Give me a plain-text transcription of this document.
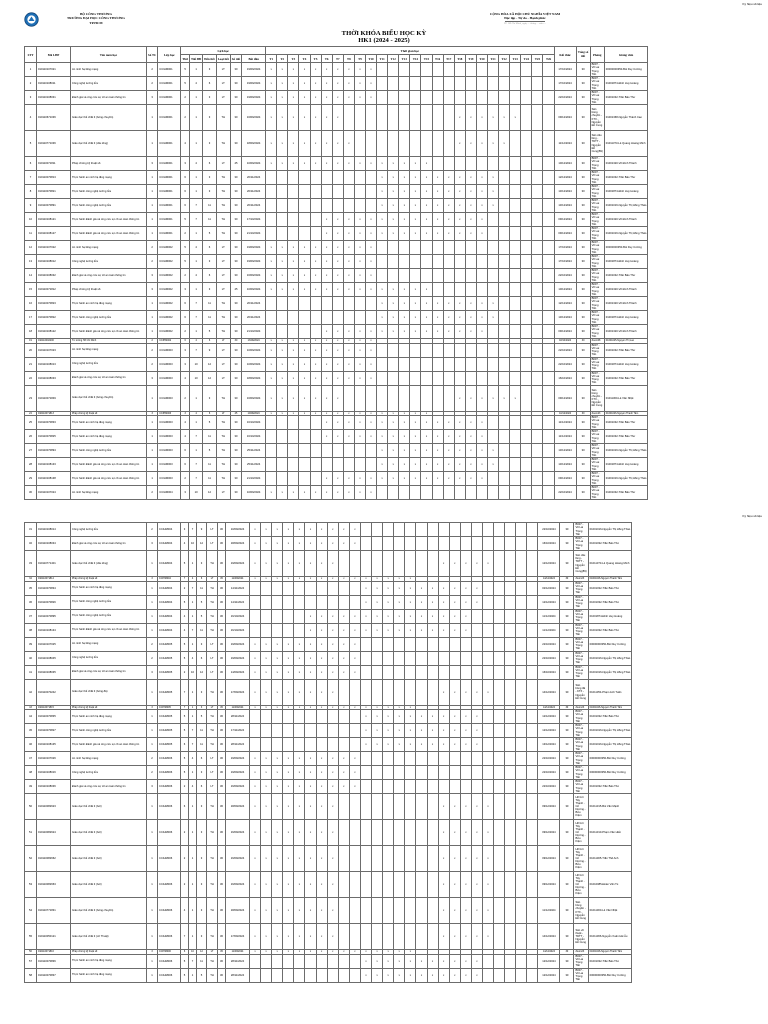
Ký hiệu số liệu
BỘ CÔNG THƯƠNG
TRƯỜNG ĐẠI HỌC CÔNG THƯƠNG
TP.HCM
CỘNG HÒA XÃ HỘI CHỦ NGHĨA VIỆT NAM
Độc lập - Tự do - Hạnh phúc
TP. Hồ Chí Minh, ngày ... tháng ... năm ...
THỜI KHÓA BIỂU HỌC KỲ
HK1 (2024 - 2025)
STT	Mã LHP	Tên môn học	Số TC	Lớp học	Lịch học						Thời gian học																										Kết thúc	Tổng số tiết	Phòng	Giảng viên
					Thứ	Tiết BĐ	Đến tiết	Loại tiết	Số tiết	Bắt đầu	T1	T2	T3	T4	T5	T6	T7	T8	T9	T10	T11	T12	T13	T14	T15	T16	T17	T18	T19	T20	T21	T22	T23	T24	T25	T26				
1	010110107021	An ninh hạ tầng mạng	2	CCIHM001	5	1	3	LT	30	19/09/2024	x	x	x	x	x	x	x	x	x	x																	17/10/2024	30	B007 - Võ Lai Trọng Tấn	00000000350-Bùi Duy Cường
2	010110108011	Công nghệ tường lửa	2	CCIHM001	5	4	6	LT	30	19/09/2024	x	x	x	x	x	x	x	x	x	x																	17/10/2024	30	B007 - Võ Lai Trọng Tấn	01001874-Đinh Huy Hoàng
3	010110108031	Đánh giá và ứng cứu sự cố an toàn thông tin	3	CCIHM001	2	1	3	LT	30	19/09/2024	x	x	x	x	x	x	x	x	x	x																	22/10/2024	30	B007 - Võ Lai Trọng Tấn	01001032-Trần Bảo Thư
4	010110671036	Giáo dục thể chất 3 (bóng chuyền)	1	CCIHM001	2	1	3	TH	30	16/09/2024	x	x	x	x	x	x	x											x	x	x	x	x	x				09/12/2024	30	Sân bóng chuyền - KTX - Nguyễn Đỗ Cung	01001368-Nguyễn Thành Cao
5	010110771036	Giáo dục thể chất 3 (cầu lông)	1	CCIHM001	4	1	3	TH	30	18/09/2024	x	x	x	x	x	x	x	x										x	x	x	x	x					11/12/2024	30	Sân cầu lông - TDTT - Nguyễn Đỗ Cung(89)	01011373-Lê Quang Hoàng Minh
6	010110071811	Pháp chứng kỹ thuật số	3	CCIHM001	3	4	6	LT	45	10/09/2024	x	x	x	x	x	x	x	x	x	x	x	x	x	x	x												10/12/2024	30	B007 - Võ Lai Trọng Tấn	01001320-Võ Đình Thành
7	010110070813	Thực hành an ninh hạ tầng mạng	1	CCIHM001	6	1	3	TH	30	20/11/2024											x	x	x	x	x	x	x	x	x	x	x						12/12/2024	30	B007 - Võ Lai Trọng Tấn	01001032-Trần Bảo Thư
8	010110070821	Thực hành công nghệ tường lửa	1	CCIHM001	6	1	3	TH	30	20/11/2024											x	x	x	x	x	x	x	x	x	x	x						13/12/2024	30	B007 - Võ Lai Trọng Tấn	01001874-Đinh Huy Hoàng
9	010110070891	Thực hành công nghệ tường lửa	1	CCIHM001	6	7	11	TH	30	20/11/2024											x	x	x	x	x	x	x	x	x	x	x						13/12/2024	30	B007 - Võ Lai Trọng Tấn	01001016-Nguyễn Thị Hồng Thảo
10	010110108121	Thực hành Đánh giá và ứng cứu sự cố an toàn thông tin	1	CCIHM001	5	7	11	TH	30	17/10/2024						x	x	x	x	x	x	x	x	x	x	x	x	x	x	x							09/12/2024	30	B007 - Võ Lai Trọng Tấn	01001320-Võ Đình Thành
11	010110108127	Thực hành Đánh giá và ứng cứu sự cố an toàn thông tin	1	CCIHM001	2	1	5	TH	30	21/10/2024						x	x	x	x	x	x	x	x	x	x	x	x	x	x	x							09/12/2024	30	B007 - Võ Lai Trọng Tấn	01001016-Nguyễn Thị Hồng Thảo
12	010110107022	An ninh hạ tầng mạng	2	CCIHM002	5	4	6	LT	30	19/09/2024	x	x	x	x	x	x	x	x	x	x																	17/10/2024	30	B007 - Võ Lai Trọng Tấn	00000000350-Bùi Duy Cường
13	010110108012	Công nghệ tường lửa	2	CCIHM002	5	1	3	LT	30	19/09/2024	x	x	x	x	x	x	x	x	x	x																	17/10/2024	30	B007 - Võ Lai Trọng Tấn	01001874-Đinh Huy Hoàng
14	010110108032	Đánh giá và ứng cứu sự cố an toàn thông tin	3	CCIHM002	2	4	6	LT	30	16/09/2024	x	x	x	x	x	x	x	x	x	x																	22/10/2024	30	B007 - Võ Lai Trọng Tấn	01001032-Trần Bảo Thư
15	010110071812	Pháp chứng kỹ thuật số	3	CCIHM002	3	1	3	LT	45	10/09/2024	x	x	x	x	x	x	x	x	x	x	x	x	x	x	x												10/12/2024	30	B007 - Võ Lai Trọng Tấn	01001320-Võ Đình Thành
16	010110070823	Thực hành an ninh hạ tầng mạng	1	CCIHM002	6	7	11	TH	30	20/11/2024											x	x	x	x	x	x	x	x	x	x	x						12/12/2024	30	B007 - Võ Lai Trọng Tấn	01001320-Võ Đình Thành
17	010110070822	Thực hành công nghệ tường lửa	1	CCIHM002	6	7	11	TH	30	20/11/2024											x	x	x	x	x	x	x	x	x	x	x						13/12/2024	30	B007 - Võ Lai Trọng Tấn	01001874-Đinh Huy Hoàng
18	010110108122	Thực hành Đánh giá và ứng cứu sự cố an toàn thông tin	1	CCIHM002	2	1	5	TH	30	21/10/2024						x	x	x	x	x	x	x	x	x	x	x	x	x	x	x							09/12/2024	30	B007 - Võ Lai Trọng Tấn	01001320-Võ Đình Thành
19	010110002200	Tư tưởng Hồ Chí Minh	2	CCIHM002	6	4	6	LT	30	13/09/2024	x	x	x	x	x	x	x	x	x	x																	18/10/2024	30	Zoom08	01001025-Nguyễn Thị Lan
20	010110107023	An ninh hạ tầng mạng	2	CCIHM003	3	7	9	LT	30	10/09/2024	x	x	x	x	x	x	x	x	x	x																	22/10/2024	30	B007 - Võ Lai Trọng Tấn	01001032-Trần Bảo Thư
21	010110108013	Công nghệ tường lửa	2	CCIHM003	3	10	12	LT	30	10/09/2024	x	x	x	x	x	x	x	x	x	x																	22/10/2024	30	B007 - Võ Lai Trọng Tấn	01001874-Đinh Huy Hoàng
22	010110108033	Đánh giá và ứng cứu sự cố an toàn thông tin	3	CCIHM003	4	10	12	LT	30	18/09/2024	x	x	x	x	x	x	x	x	x	x																	16/10/2024	30	B007 - Võ Lai Trọng Tấn	01001032-Trần Bảo Thư
23	010110071849	Giáo dục thể chất 3 (bóng chuyền)	1	CCIHM003	2	1	3	TH	30	16/09/2024	x	x	x	x	x	x	x											x	x	x	x	x	x				09/12/2024	30	Sân bóng chuyền - KTX - Nguyễn Đỗ Cung	01011300-Lê Văn Nhật
24	010110071813	Pháp chứng kỹ thuật số	3	CCIHM003	3	4	6	LT	45	10/09/2024	x	x	x	x	x	x	x	x	x	x	x	x	x	x	x												10/12/2024	30	Zoom23	01001026-Nguyễn Thanh Tâm
25	010110070833	Thực hành an ninh hạ tầng mạng	1	CCIHM003	4	1	5	TH	30	16/10/2024						x	x	x	x	x	x	x	x	x	x	x	x	x	x	x							11/12/2024	30	B007 - Võ Lai Trọng Tấn	01001032-Trần Bảo Thư
26	010110070825	Thực hành an ninh hạ tầng mạng	1	CCIHM003	4	7	11	TH	30	16/10/2024						x	x	x	x	x	x	x	x	x	x	x	x	x	x	x							11/12/2024	30	B007 - Võ Lai Trọng Tấn	01001032-Trần Bảo Thư
27	010110070894	Thực hành công nghệ tường lửa	1	CCIHM003	6	1	5	TH	30	25/11/2024											x	x	x	x	x	x	x	x	x	x	x						13/12/2024	30	B007 - Võ Lai Trọng Tấn	01001016-Nguyễn Thị Hồng Thảo
28	010110108133	Thực hành Đánh giá và ứng cứu sự cố an toàn thông tin	1	CCIHM003	6	7	11	TH	30	25/11/2024											x	x	x	x	x	x	x	x	x	x	x						13/12/2024	30	B007 - Võ Lai Trọng Tấn	01001874-Đinh Huy Hoàng
29	010110108138	Thực hành Đánh giá và ứng cứu sự cố an toàn thông tin	1	CCIHM003	2	7	11	TH	30	21/10/2024						x	x	x	x	x	x	x	x	x	x	x	x	x	x	x							09/12/2024	30	B007 - Võ Lai Trọng Tấn	01001016-Nguyễn Thị Hồng Thảo
30	010110107024	An ninh hạ tầng mạng	2	CCIHM004	3	10	12	LT	30	10/09/2024	x	x	x	x	x	x	x	x	x	x																	22/10/2024	30	B007 - Võ Lai Trọng Tấn	01001032-Trần Bảo Thư
Ký hiệu số liệu
31	010110108014	Công nghệ tường lửa	2	CCIHM004	3	7	9	LT	30	10/09/2024	x	x	x	x	x	x	x	x	x	x																	22/10/2024	30	B007 - Võ Lai Trọng Tấn	01001016-Nguyễn Thị Hồng Thảo
32	010110108034	Đánh giá và ứng cứu sự cố an toàn thông tin	3	CCIHM004	4	10	12	LT	30	18/09/2024	x	x	x	x	x	x	x	x	x	x																	16/10/2024	30	B007 - Võ Lai Trọng Tấn	01001032-Trần Bảo Thư
33	010110771401	Giáo dục thể chất 3 (cầu lông)	1	CCIHM004	5	1	3	TH	30	19/09/2024	x	x	x	x	x	x	x	x										x	x	x	x	x					12/12/2024	30	Sân cầu lông - TDTT - Nguyễn Đỗ Cung(89)	01011373-Lê Quang Hoàng Minh
34	010110071814	Pháp chứng kỹ thuật số	3	CCIHM004	7	4	6	LT	45	11/09/2024	x	x	x	x	x	x	x	x	x	x	x	x	x	x	x												14/12/2024	30	Zoom23	01001026-Nguyễn Thanh Tâm
35	010110070834	Thực hành an ninh hạ tầng mạng	1	CCIHM004	2	7	11	TH	30	14/11/2024											x	x	x	x	x	x	x	x	x	x	x						02/12/2024	30	B007 - Võ Lai Trọng Tấn	01001032-Trần Bảo Thư
36	010110070826	Thực hành công nghệ tường lửa	1	CCIHM004	5	1	5	TH	30	14/11/2024											x	x	x	x	x	x	x	x	x	x	x						12/12/2024	30	B007 - Võ Lai Trọng Tấn	01001032-Trần Bảo Thư
37	010110070895	Thực hành công nghệ tường lửa	1	CCIHM004	4	1	5	TH	30	16/10/2024						x	x	x	x	x	x	x	x	x	x	x	x	x	x	x							11/12/2024	30	B007 - Võ Lai Trọng Tấn	01001874-Đinh Huy Hoàng
38	010110108134	Thực hành Đánh giá và ứng cứu sự cố an toàn thông tin	1	CCIHM004	4	7	11	TH	30	16/10/2024						x	x	x	x	x	x	x	x	x	x	x	x	x	x	x							11/12/2024	30	B007 - Võ Lai Trọng Tấn	01001032-Trần Bảo Thư
39	010110107025	An ninh hạ tầng mạng	2	CCIHM005	5	1	3	LT	30	19/09/2024	x	x	x	x	x	x	x	x	x	x																	22/10/2024	30	B007 - Võ Lai Trọng Tấn	00000000350-Bùi Duy Cường
40	010110108045	Công nghệ tường lửa	2	CCIHM005	5	4	6	LT	30	19/09/2024	x	x	x	x	x	x	x	x	x	x																	22/10/2024	30	B007 - Võ Lai Trọng Tấn	01001016-Nguyễn Thị Hồng Thảo
41	010110108035	Đánh giá và ứng cứu sự cố an toàn thông tin	3	CCIHM005	2	10	12	LT	30	14/09/2024	x	x	x	x	x	x	x	x	x	x																	16/10/2024	30	B007 - Võ Lai Trọng Tấn	01001016-Nguyễn Thị Hồng Thảo
42	010110070242	Giáo dục thể chất 3 (bóng đá)	1	CCIHM005	7	1	3	TH	30	17/09/2024	x	x	x	x	x	x	x	x										x	x	x	x	x					14/12/2024	30	Sân bóng đá - KTX - Nguyễn Đỗ Cung	01011354-Phạm Anh Tuấn
43	010110071815	Pháp chứng kỹ thuật số	3	CCIHM005	7	1	3	LT	45	11/09/2024	x	x	x	x	x	x	x	x	x	x	x	x	x	x	x												14/12/2024	30	Zoom23	01001026-Nguyễn Thanh Tâm
44	010110070835	Thực hành an ninh hạ tầng mạng	1	CCIHM005	5	1	5	TH	30	28/11/2024											x	x	x	x	x	x	x	x	x	x	x						12/12/2024	30	B007 - Võ Lai Trọng Tấn	01001032-Trần Bảo Thư
45	010110070827	Thực hành công nghệ tường lửa	1	CCIHM005	5	7	11	TH	30	17/11/2024											x	x	x	x	x	x	x	x	x	x	x						12/12/2024	30	B007 - Võ Lai Trọng Tấn	01001016-Nguyễn Thị Hồng Thảo
46	010110108135	Thực hành Đánh giá và ứng cứu sự cố an toàn thông tin	1	CCIHM005	6	7	11	TH	30	28/11/2024											x	x	x	x	x	x	x	x	x	x	x						13/12/2024	30	B007 - Võ Lai Trọng Tấn	01001016-Nguyễn Thị Hồng Thảo
47	010110107026	An ninh hạ tầng mạng	2	CCIHM006	5	4	6	LT	30	19/09/2024	x	x	x	x	x	x	x	x	x	x																	22/10/2024	30	B007 - Võ Lai Trọng Tấn	00000000350-Bùi Duy Cường
48	010110108016	Công nghệ tường lửa	2	CCIHM006	5	1	3	LT	30	19/09/2024	x	x	x	x	x	x	x	x	x	x																	22/10/2024	30	B007 - Võ Lai Trọng Tấn	00000000350-Bùi Duy Cường
49	010110108036	Đánh giá và ứng cứu sự cố an toàn thông tin	3	CCIHM006	2	4	6	LT	30	16/09/2024	x	x	x	x	x	x	x	x	x	x																	22/10/2024	30	B007 - Võ Lai Trọng Tấn	01001032-Trần Bảo Thư
50	010110082623	Giáo dục thể chất 3 (bơi)	1	CCIHM006	6	1	3	TH	30	18/09/2024	x	x	x	x	x	x	x	x										x	x	x	x	x					09/12/2024	30	Hồ bơi Tây Thạnh - Cổ Dương - Bửu Kiệm	01011315-Bùi Văn Mạnh
51	010110082624	Giáo dục thể chất 3 (bơi)	1	CCIHM006	2	1	3	TH	30	16/09/2024	x	x	x	x	x	x	x	x										x	x	x	x	x					09/12/2024	30	Hồ bơi Tây Thạnh - Cổ Dương - Bửu Kiệm	01011310-Phạm Văn Hiển
52	010110082662	Giáo dục thể chất 3 (bơi)	1	CCIHM006	2	1	3	TH	30	16/09/2024	x	x	x	x	x	x	x	x										x	x	x	x	x					09/12/2024	30	Hồ bơi Tây Thạnh - Cổ Dương - Bửu Kiệm	01011305-Trần Thế Anh
53	010110082663	Giáo dục thể chất 3 (bơi)	1	CCIHM006	2	1	3	TH	30	16/09/2024	x	x	x	x	x	x	x	x										x	x	x	x	x					09/12/2024	30	Hồ bơi Tây Thạnh - Cổ Dương - Bửu Kiệm	01010085-Đoàn Văn Tú
54	010110771831	Giáo dục thể chất 3 (bóng chuyền)	1	CCIHM006	4	1	3	TH	30	18/09/2024	x	x	x	x	x	x	x	x										x	x	x	x	x					11/12/2024	30	Sân bóng chuyền - KTX - Nguyễn Đỗ Cung	01011300-Lê Văn Nhật
55	010110050121	Giáo dục thể chất 3 (cờ Thuật)	1	CCIHM006	7	1	3	TH	30	17/09/2024	x	x	x	x	x	x	x	x										x	x	x	x	x					14/12/2024	30	Sân võ thuật - TDTT - Nguyễn Đỗ Cung	01011366-Nguyễn Xuân Hải Âu
56	010110071816	Pháp chứng kỹ thuật số	3	CCIHM006	6	10	12	LT	45	11/09/2024	x	x	x	x	x	x	x	x	x	x	x	x	x	x	x												14/12/2024	30	Zoom23	01001026-Nguyễn Thanh Tâm
57	010110070836	Thực hành an ninh hạ tầng mạng	1	CCIHM006	5	7	11	TH	30	28/11/2024											x	x	x	x	x	x	x	x	x	x	x						12/12/2024	30	B007 - Võ Lai Trọng Tấn	01001032-Trần Bảo Thư
58	010110070837	Thực hành an ninh hạ tầng mạng	1	CCIHM006	5	1	5	TH	30	28/11/2024											x	x	x	x	x	x	x	x	x	x	x						12/12/2024	30	B007 - Võ Lai Trọng Tấn	00000000350-Bùi Duy Cường
